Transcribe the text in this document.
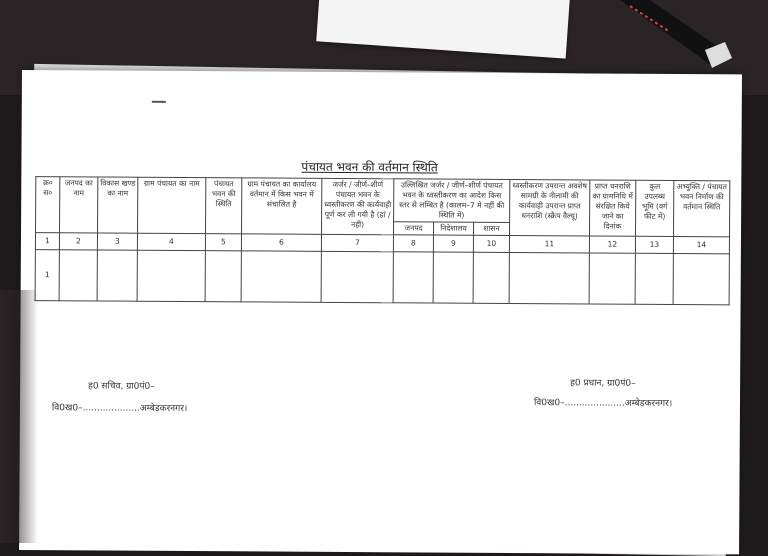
पंचायत भवन की वर्तमान स्थिति
क्र० स०	जनपद का नाम	विकास खण्ड का नाम	ग्राम पंचायत का नाम	पंचायत भवन की स्थिति	ग्राम पंचायत का कार्यालय वर्तमान में किस भवन में संचालित है	जर्जर / जीर्ण–शीर्ण पंचायत भवन के ध्वस्तीकरण की कार्यवाही पूर्ण कर ली गयी है (हां / नहीं)	उल्लिखित जर्जर / जीर्ण–शीर्ण पंचायत भवन के ध्वस्तीकरण का आदेश किस स्तर से लम्बित है (कालम–7 मे नहीं की स्थिति में)			ध्वस्तीकरण उपरान्त अवशेष सामग्री के नीलामी की कार्यवाही उपरान्त प्राप्त धनराशि (स्क्रैप वैल्यू)	प्राप्त धनराशि का ग्रामनिधि में संरक्षित किये जाने का दिनांक	कुल उपलब्ध भूमि (वर्ग फीट में)	अभ्युक्ति / पंचायत भवन निर्माण की वर्तमान स्थिति
							जनपद	निदेशालय	शासन				
1	2	3	4	5	6	7	8	9	10	11	12	13	14
1													
ह0 सचिव, ग्रा0पं0–
वि0ख0–....................अम्बेडकरनगर।
ह0 प्रधान, ग्रा0पं0–
वि0ख0–.....................अम्बेडकरनगर।
